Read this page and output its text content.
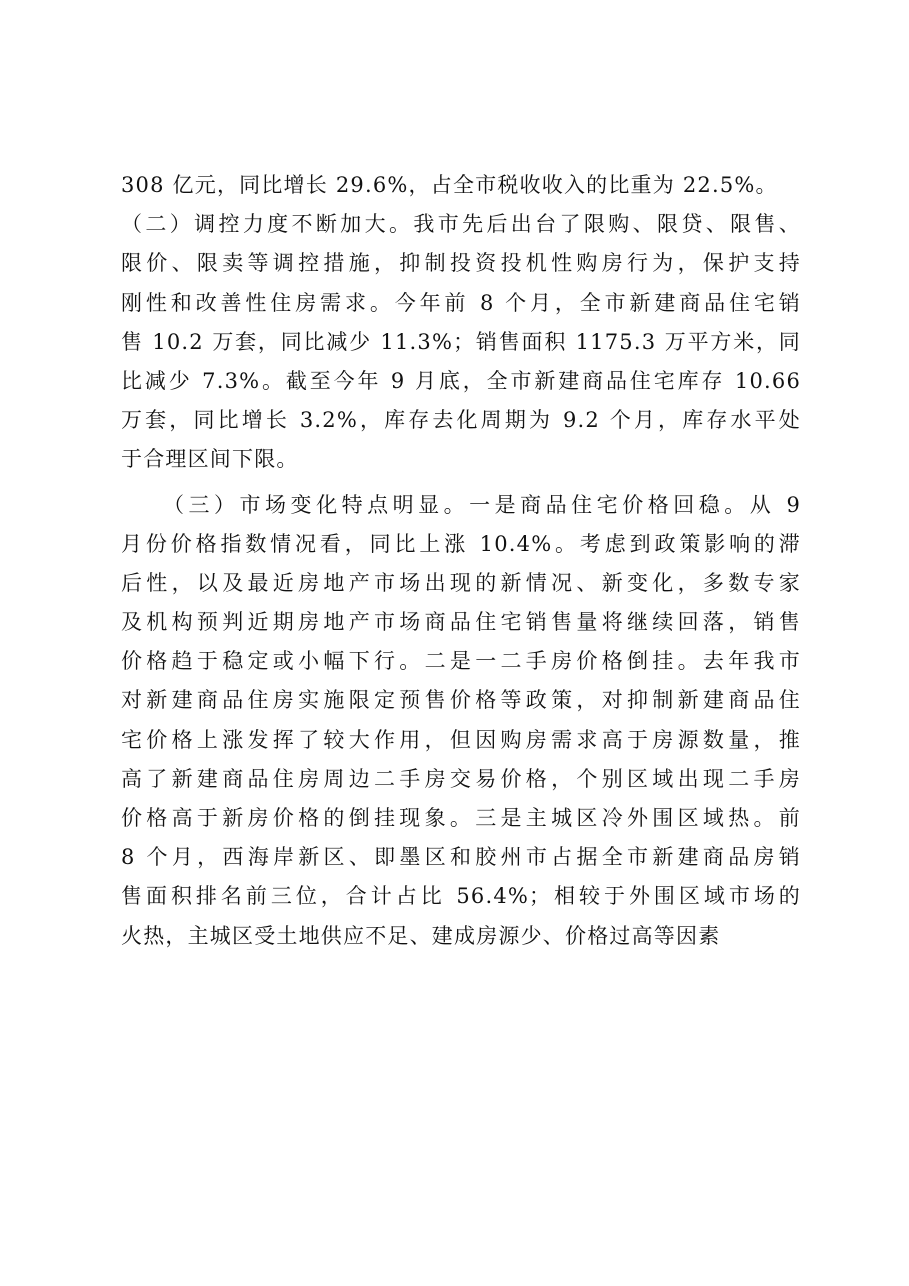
308 亿元，同比增长 29.6%，占全市税收收入的比重为 22.5%。
（二）调控力度不断加大。我市先后出台了限购、限贷、限售、
限价、限卖等调控措施，抑制投资投机性购房行为，保护支持
刚性和改善性住房需求。今年前 8 个月，全市新建商品住宅销
售 10.2 万套，同比减少 11.3%；销售面积 1175.3 万平方米，同
比减少 7.3%。截至今年 9 月底，全市新建商品住宅库存 10.66
万套，同比增长 3.2%，库存去化周期为 9.2 个月，库存水平处
于合理区间下限。
（三）市场变化特点明显。一是商品住宅价格回稳。从 9
月份价格指数情况看，同比上涨 10.4%。考虑到政策影响的滞
后性，以及最近房地产市场出现的新情况、新变化，多数专家
及机构预判近期房地产市场商品住宅销售量将继续回落，销售
价格趋于稳定或小幅下行。二是一二手房价格倒挂。去年我市
对新建商品住房实施限定预售价格等政策，对抑制新建商品住
宅价格上涨发挥了较大作用，但因购房需求高于房源数量，推
高了新建商品住房周边二手房交易价格，个别区域出现二手房
价格高于新房价格的倒挂现象。三是主城区冷外围区域热。前
8 个月，西海岸新区、即墨区和胶州市占据全市新建商品房销
售面积排名前三位，合计占比 56.4%；相较于外围区域市场的
火热，主城区受土地供应不足、建成房源少、价格过高等因素
